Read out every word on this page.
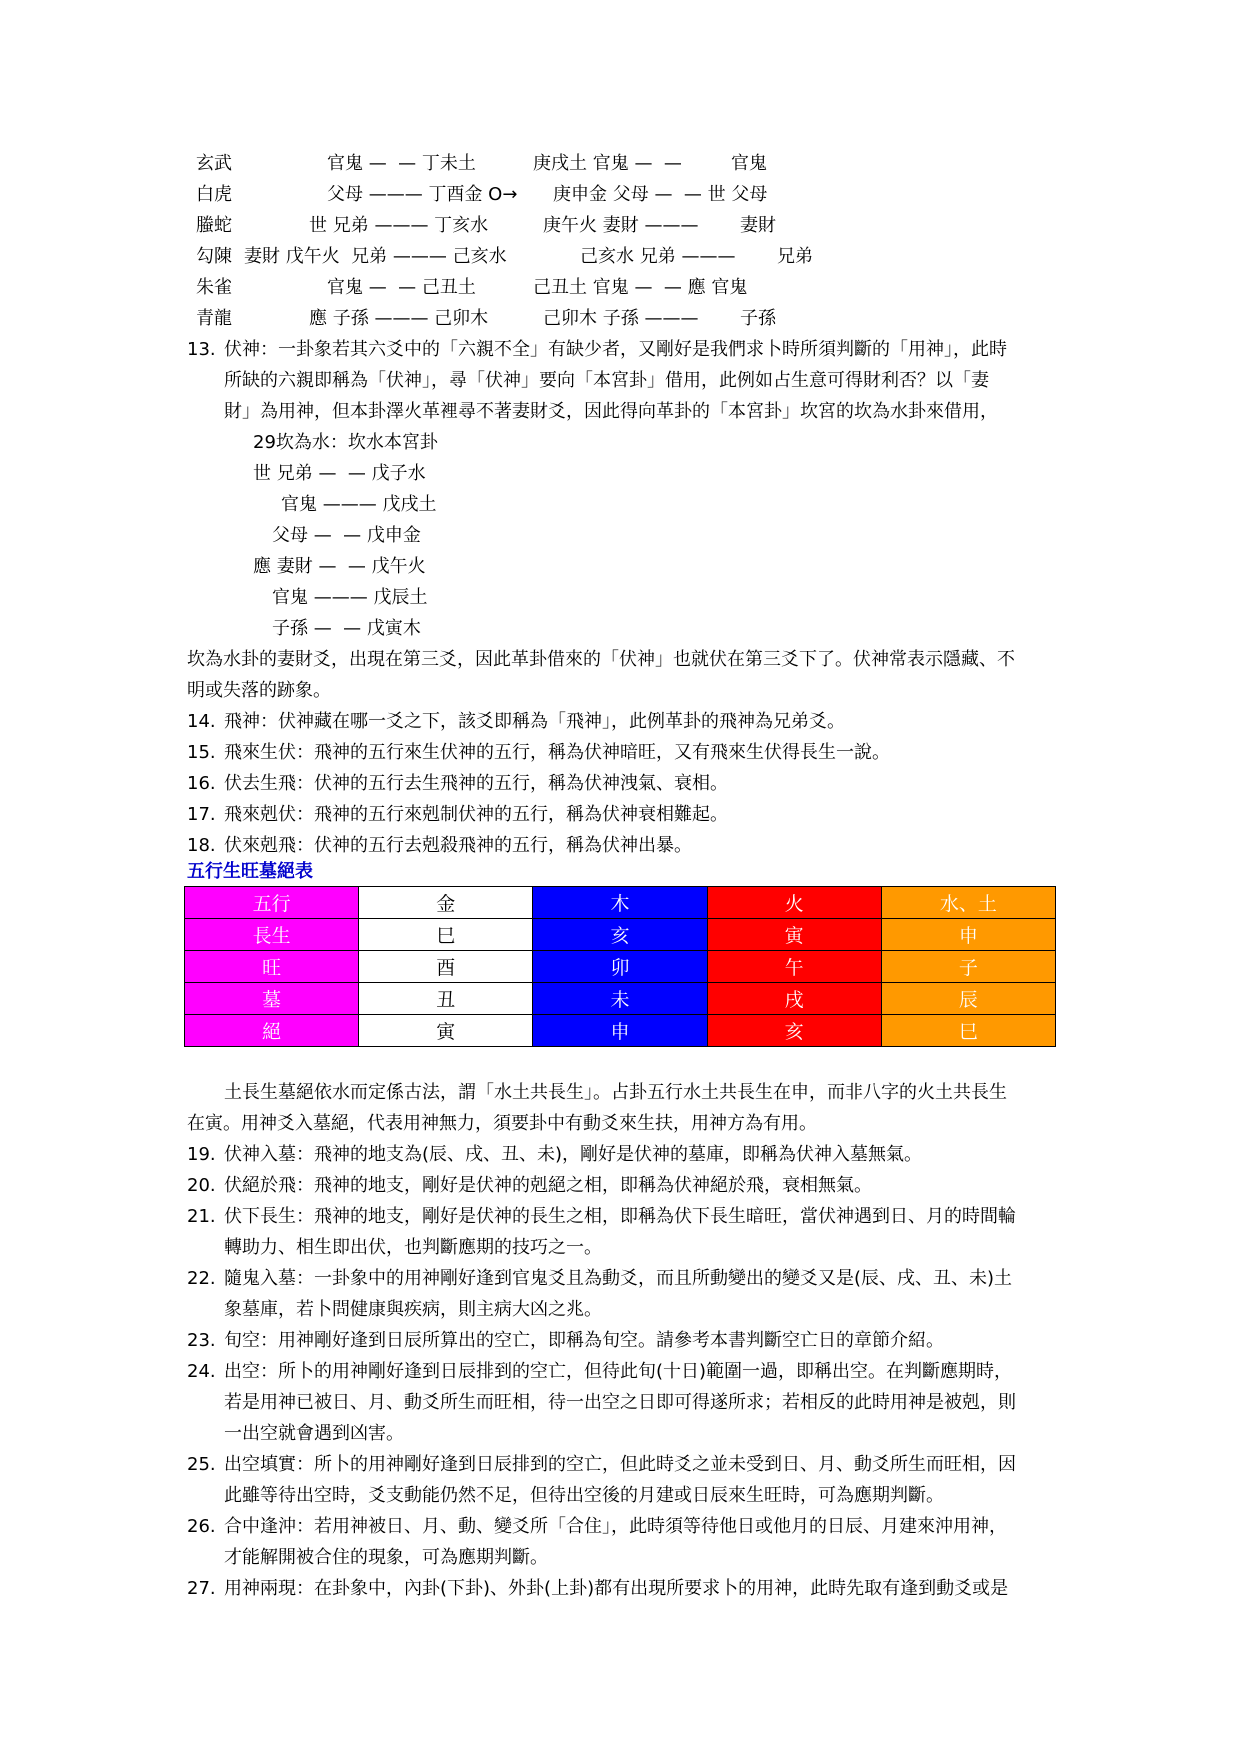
玄武	官鬼 —  — 丁未土	庚戌土 官鬼 —  —	官鬼
白虎	父母 ——— 丁酉金 O→ 庚申金 父母 —  — 世 父母
螣蛇	世 兄弟 ——— 丁亥水	庚午火 妻財 ——— 妻財
勾陳 妻財 戊午火  兄弟 ——— 己亥水	己亥水 兄弟 ——— 兄弟
朱雀	官鬼 —  — 己丑土	己丑土 官鬼 —  — 應 官鬼
青龍	應 子孫 ——— 己卯木	己卯木 子孫 ——— 子孫
13. 伏神：一卦象若其六爻中的「六親不全」有缺少者，又剛好是我們求卜時所須判斷的「用神」，此時
所缺的六親即稱為「伏神」，尋「伏神」要向「本宮卦」借用，此例如占生意可得財利否？以「妻
財」為用神，但本卦澤火革裡尋不著妻財爻，因此得向革卦的「本宮卦」坎宮的坎為水卦來借用，
29坎為水：坎水本宮卦
世 兄弟 —  — 戊子水
官鬼 ——— 戊戌土
父母 —  — 戊申金
應 妻財 —  — 戊午火
官鬼 ——— 戊辰土
子孫 —  — 戊寅木
坎為水卦的妻財爻，出現在第三爻，因此革卦借來的「伏神」也就伏在第三爻下了。伏神常表示隱藏、不
明或失落的跡象。
14. 飛神：伏神藏在哪一爻之下，該爻即稱為「飛神」，此例革卦的飛神為兄弟爻。
15. 飛來生伏：飛神的五行來生伏神的五行，稱為伏神暗旺，又有飛來生伏得長生一說。
16. 伏去生飛：伏神的五行去生飛神的五行，稱為伏神洩氣、衰相。
17. 飛來剋伏：飛神的五行來剋制伏神的五行，稱為伏神衰相難起。
18. 伏來剋飛：伏神的五行去剋殺飛神的五行，稱為伏神出暴。
五行生旺墓絕表
五行	金	木	火	水、土
長生	巳	亥	寅	申
旺	酉	卯	午	子
墓	丑	未	戌	辰
絕	寅	申	亥	巳
土長生墓絕依水而定係古法，謂「水土共長生」。占卦五行水土共長生在申，而非八字的火土共長生
在寅。用神爻入墓絕，代表用神無力，須要卦中有動爻來生扶，用神方為有用。
19. 伏神入墓：飛神的地支為(辰、戌、丑、未)，剛好是伏神的墓庫，即稱為伏神入墓無氣。
20. 伏絕於飛：飛神的地支，剛好是伏神的剋絕之相，即稱為伏神絕於飛，衰相無氣。
21. 伏下長生：飛神的地支，剛好是伏神的長生之相，即稱為伏下長生暗旺，當伏神遇到日、月的時間輪
轉助力、相生即出伏，也判斷應期的技巧之一。
22. 隨鬼入墓：一卦象中的用神剛好逢到官鬼爻且為動爻，而且所動變出的變爻又是(辰、戌、丑、未)土
象墓庫，若卜問健康與疾病，則主病大凶之兆。
23. 旬空：用神剛好逢到日辰所算出的空亡，即稱為旬空。請參考本書判斷空亡日的章節介紹。
24. 出空：所卜的用神剛好逢到日辰排到的空亡，但待此旬(十日)範圍一過，即稱出空。在判斷應期時，
若是用神已被日、月、動爻所生而旺相，待一出空之日即可得遂所求；若相反的此時用神是被剋，則
一出空就會遇到凶害。
25. 出空填實：所卜的用神剛好逢到日辰排到的空亡，但此時爻之並未受到日、月、動爻所生而旺相，因
此雖等待出空時，爻支動能仍然不足，但待出空後的月建或日辰來生旺時，可為應期判斷。
26. 合中逢沖：若用神被日、月、動、變爻所「合住」，此時須等待他日或他月的日辰、月建來沖用神，
才能解開被合住的現象，可為應期判斷。
27. 用神兩現：在卦象中，內卦(下卦)、外卦(上卦)都有出現所要求卜的用神，此時先取有逢到動爻或是
